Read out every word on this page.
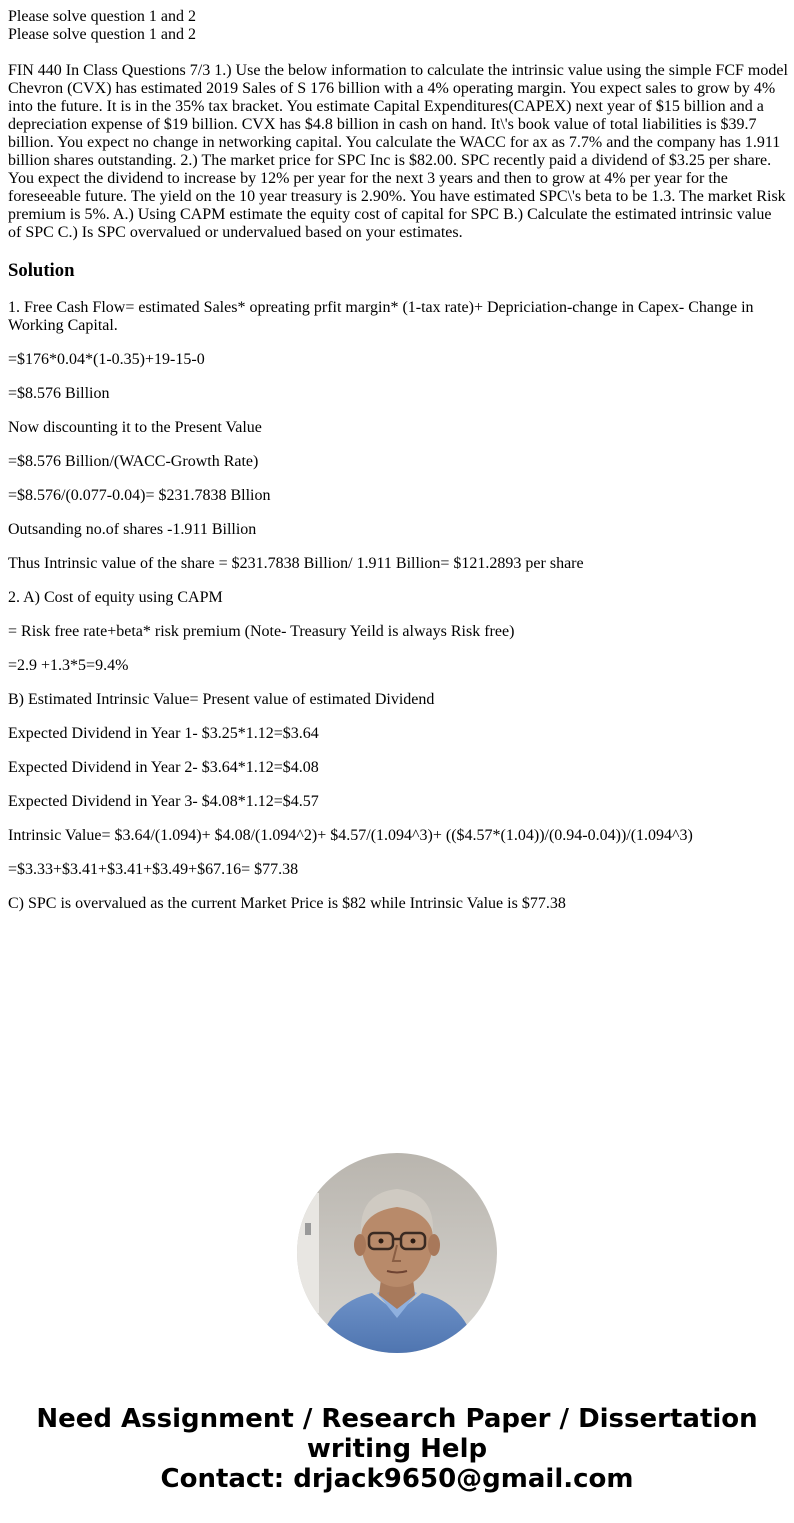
Please solve question 1 and 2
Please solve question 1 and 2
FIN 440 In Class Questions 7/3 1.) Use the below information to calculate the intrinsic value using the simple FCF model Chevron (CVX) has estimated 2019 Sales of S 176 billion with a 4% operating margin. You expect sales to grow by 4% into the future. It is in the 35% tax bracket. You estimate Capital Expenditures(CAPEX) next year of $15 billion and a depreciation expense of $19 billion. CVX has $4.8 billion in cash on hand. It\'s book value of total liabilities is $39.7 billion. You expect no change in networking capital. You calculate the WACC for ax as 7.7% and the company has 1.911 billion shares outstanding. 2.) The market price for SPC Inc is $82.00. SPC recently paid a dividend of $3.25 per share. You expect the dividend to increase by 12% per year for the next 3 years and then to grow at 4% per year for the foreseeable future. The yield on the 10 year treasury is 2.90%. You have estimated SPC\'s beta to be 1.3. The market Risk premium is 5%. A.) Using CAPM estimate the equity cost of capital for SPC B.) Calculate the estimated intrinsic value of SPC C.) Is SPC overvalued or undervalued based on your estimates.
Solution

1. Free Cash Flow= estimated Sales* opreating prfit margin* (1-tax rate)+ Depriciation-change in Capex- Change in Working Capital.

=$176*0.04*(1-0.35)+19-15-0

=$8.576 Billion

Now discounting it to the Present Value

=$8.576 Billion/(WACC-Growth Rate)

=$8.576/(0.077-0.04)= $231.7838 Bllion

Outsanding no.of shares -1.911 Billion

Thus Intrinsic value of the share = $231.7838 Billion/ 1.911 Billion= $121.2893 per share

2. A) Cost of equity using CAPM

= Risk free rate+beta* risk premium (Note- Treasury Yeild is always Risk free)

=2.9 +1.3*5=9.4%

B) Estimated Intrinsic Value= Present value of estimated Dividend

Expected Dividend in Year 1- $3.25*1.12=$3.64

Expected Dividend in Year 2- $3.64*1.12=$4.08

Expected Dividend in Year 3- $4.08*1.12=$4.57

Intrinsic Value= $3.64/(1.094)+ $4.08/(1.094^2)+ $4.57/(1.094^3)+ (($4.57*(1.04))/(0.94-0.04))/(1.094^3)

=$3.33+$3.41+$3.41+$3.49+$67.16= $77.38

C) SPC is overvalued as the current Market Price is $82 while Intrinsic Value is $77.38

Need Assignment / Research Paper / Dissertation
writing Help
Contact: drjack9650@gmail.com
